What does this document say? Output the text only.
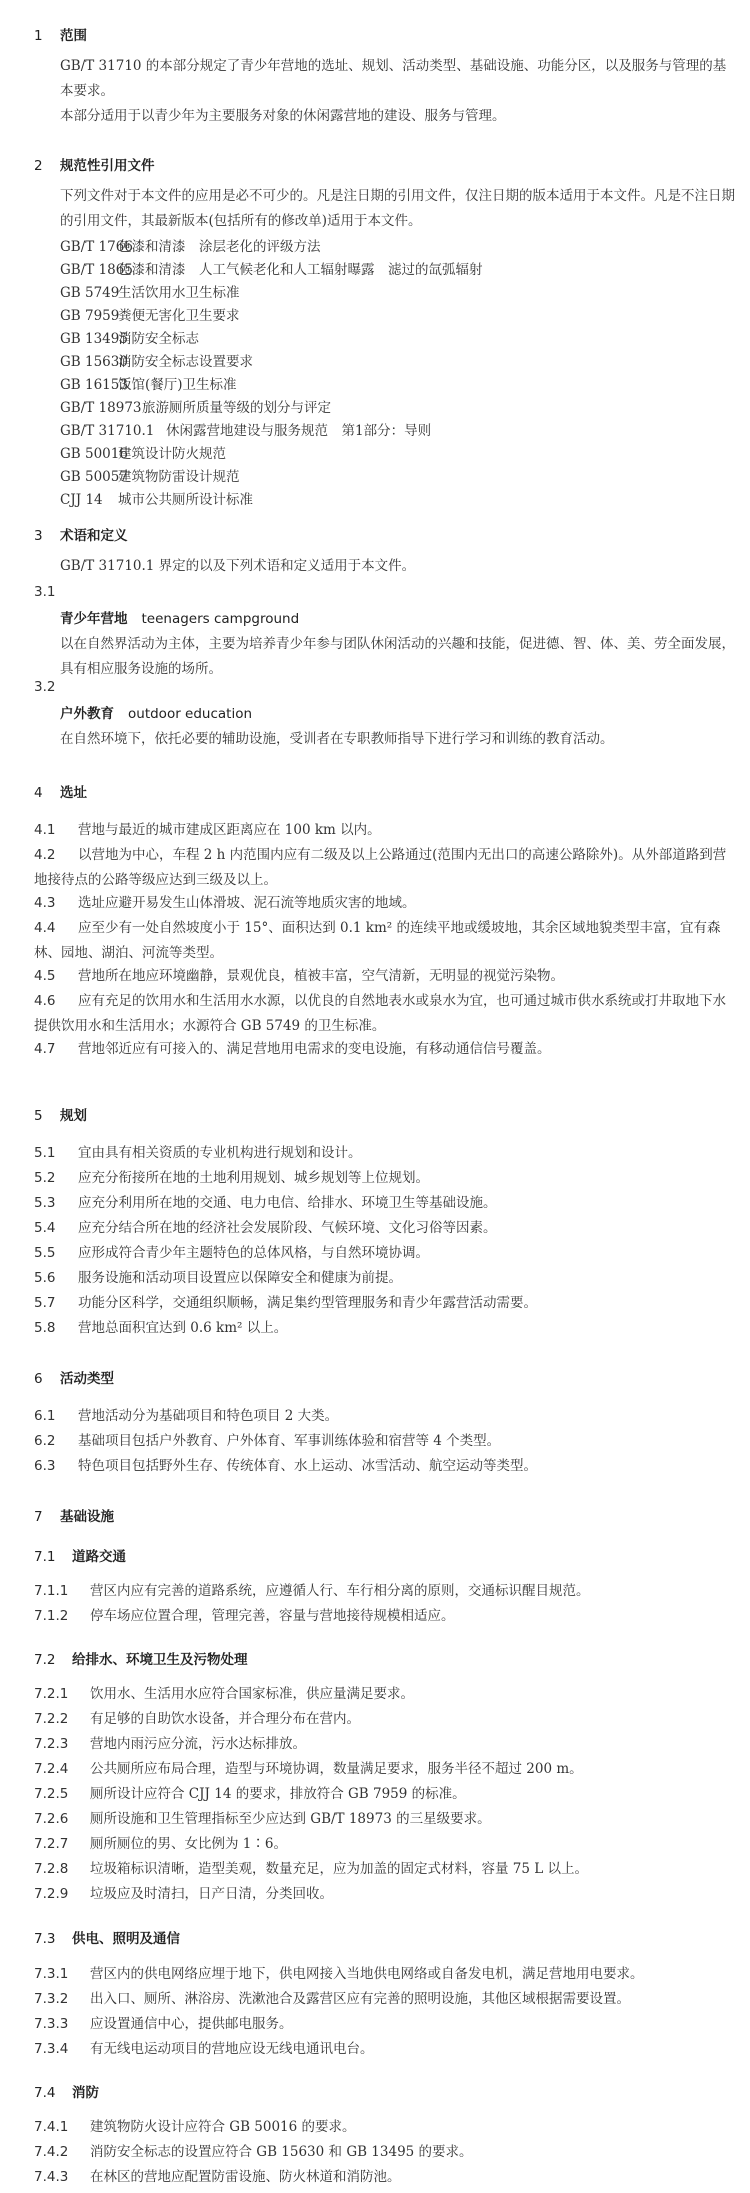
1 范围
GB/T 31710 的本部分规定了青少年营地的选址、规划、活动类型、基础设施、功能分区，以及服务与管理的基本要求。
本部分适用于以青少年为主要服务对象的休闲露营地的建设、服务与管理。
2 规范性引用文件
下列文件对于本文件的应用是必不可少的。凡是注日期的引用文件，仅注日期的版本适用于本文件。凡是不注日期的引用文件，其最新版本(包括所有的修改单)适用于本文件。
GB/T 1766色漆和清漆　涂层老化的评级方法
GB/T 1865色漆和清漆　人工气候老化和人工辐射曝露　滤过的氙弧辐射
GB 5749生活饮用水卫生标准
GB 7959粪便无害化卫生要求
GB 13495消防安全标志
GB 15630消防安全标志设置要求
GB 16153饭馆(餐厅)卫生标准
GB/T 18973旅游厕所质量等级的划分与评定
GB/T 31710.1 休闲露营地建设与服务规范　第1部分：导则
GB 50016建筑设计防火规范
GB 50057建筑物防雷设计规范
CJJ 14 城市公共厕所设计标准
3 术语和定义
GB/T 31710.1 界定的以及下列术语和定义适用于本文件。
3.1
青少年营地 teenagers campground
以在自然界活动为主体，主要为培养青少年参与团队休闲活动的兴趣和技能，促进德、智、体、美、劳全面发展，具有相应服务设施的场所。
3.2
户外教育 outdoor education
在自然环境下，依托必要的辅助设施，受训者在专职教师指导下进行学习和训练的教育活动。
4 选址
4.1 营地与最近的城市建成区距离应在 100 km 以内。
4.2 以营地为中心，车程 2 h 内范围内应有二级及以上公路通过(范围内无出口的高速公路除外)。从外部道路到营地接待点的公路等级应达到三级及以上。
4.3 选址应避开易发生山体滑坡、泥石流等地质灾害的地域。
4.4 应至少有一处自然坡度小于 15°、面积达到 0.1 km² 的连续平地或缓坡地，其余区域地貌类型丰富，宜有森林、园地、湖泊、河流等类型。
4.5 营地所在地应环境幽静，景观优良，植被丰富，空气清新，无明显的视觉污染物。
4.6 应有充足的饮用水和生活用水水源，以优良的自然地表水或泉水为宜，也可通过城市供水系统或打井取地下水提供饮用水和生活用水；水源符合 GB 5749 的卫生标准。
4.7 营地邻近应有可接入的、满足营地用电需求的变电设施，有移动通信信号覆盖。
5 规划
5.1 宜由具有相关资质的专业机构进行规划和设计。
5.2 应充分衔接所在地的土地利用规划、城乡规划等上位规划。
5.3 应充分利用所在地的交通、电力电信、给排水、环境卫生等基础设施。
5.4 应充分结合所在地的经济社会发展阶段、气候环境、文化习俗等因素。
5.5 应形成符合青少年主题特色的总体风格，与自然环境协调。
5.6 服务设施和活动项目设置应以保障安全和健康为前提。
5.7 功能分区科学，交通组织顺畅，满足集约型管理服务和青少年露营活动需要。
5.8 营地总面积宜达到 0.6 km² 以上。
6 活动类型
6.1 营地活动分为基础项目和特色项目 2 大类。
6.2 基础项目包括户外教育、户外体育、军事训练体验和宿营等 4 个类型。
6.3 特色项目包括野外生存、传统体育、水上运动、冰雪活动、航空运动等类型。
7 基础设施
7.1 道路交通
7.1.1 营区内应有完善的道路系统，应遵循人行、车行相分离的原则，交通标识醒目规范。
7.1.2 停车场应位置合理，管理完善，容量与营地接待规模相适应。
7.2 给排水、环境卫生及污物处理
7.2.1 饮用水、生活用水应符合国家标准，供应量满足要求。
7.2.2 有足够的自助饮水设备，并合理分布在营内。
7.2.3 营地内雨污应分流，污水达标排放。
7.2.4 公共厕所应布局合理，造型与环境协调，数量满足要求，服务半径不超过 200 m。
7.2.5 厕所设计应符合 CJJ 14 的要求，排放符合 GB 7959 的标准。
7.2.6 厕所设施和卫生管理指标至少应达到 GB/T 18973 的三星级要求。
7.2.7 厕所厕位的男、女比例为 1∶6。
7.2.8 垃圾箱标识清晰，造型美观，数量充足，应为加盖的固定式材料，容量 75 L 以上。
7.2.9 垃圾应及时清扫，日产日清，分类回收。
7.3 供电、照明及通信
7.3.1 营区内的供电网络应埋于地下，供电网接入当地供电网络或自备发电机，满足营地用电要求。
7.3.2 出入口、厕所、淋浴房、洗漱池合及露营区应有完善的照明设施，其他区域根据需要设置。
7.3.3 应设置通信中心，提供邮电服务。
7.3.4 有无线电运动项目的营地应设无线电通讯电台。
7.4 消防
7.4.1 建筑物防火设计应符合 GB 50016 的要求。
7.4.2 消防安全标志的设置应符合 GB 15630 和 GB 13495 的要求。
7.4.3 在林区的营地应配置防雷设施、防火林道和消防池。
